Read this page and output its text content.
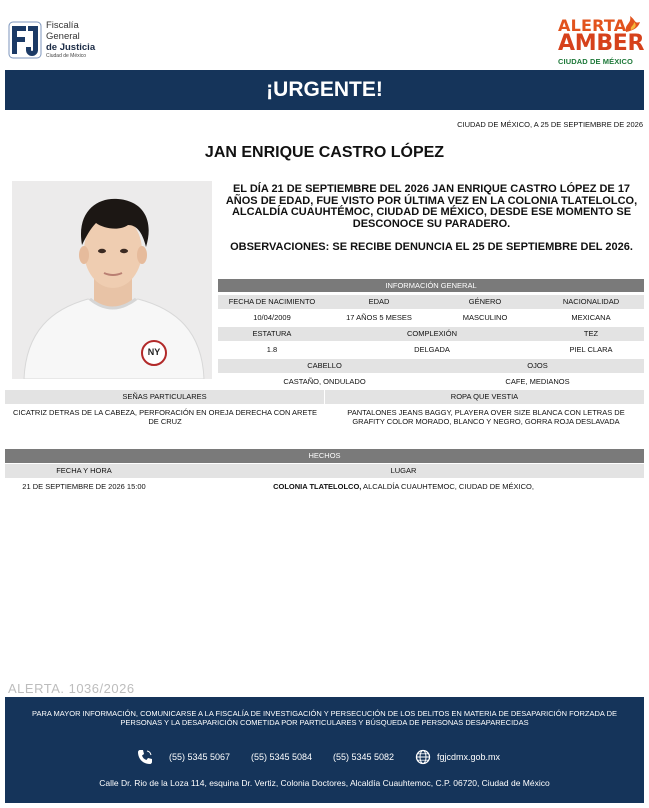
Fiscalía
General
de Justicia
Ciudad de México
ALERTA
AMBER
CIUDAD DE MÉXICO
¡URGENTE!
CIUDAD DE MÉXICO, A 25 DE SEPTIEMBRE DE 2026
JAN ENRIQUE CASTRO LÓPEZ
NY
EL DÍA 21 DE SEPTIEMBRE DEL 2026 JAN ENRIQUE CASTRO LÓPEZ DE 17 AÑOS DE EDAD, FUE VISTO POR ÚLTIMA VEZ EN LA COLONIA TLATELOLCO, ALCALDÍA CUAUHTÉMOC, CIUDAD DE MÉXICO, DESDE ESE MOMENTO SE DESCONOCE SU PARADERO.
OBSERVACIONES: SE RECIBE DENUNCIA EL 25 DE SEPTIEMBRE DEL 2026.
INFORMACIÓN GENERAL
FECHA DE NACIMIENTO	EDAD	GÉNERO	NACIONALIDAD
10/04/2009	17 AÑOS 5 MESES	MASCULINO	MEXICANA
ESTATURA	COMPLEXIÓN	TEZ
1.8	DELGADA	PIEL CLARA
CABELLO	OJOS
CASTAÑO, ONDULADO	CAFE, MEDIANOS
SEÑAS PARTICULARES	ROPA QUE VESTIA
CICATRIZ DETRAS DE LA CABEZA, PERFORACIÓN EN OREJA DERECHA CON ARETE DE CRUZ
PANTALONES JEANS BAGGY, PLAYERA OVER SIZE BLANCA CON LETRAS DE GRAFITY COLOR MORADO, BLANCO Y NEGRO, GORRA ROJA DESLAVADA
HECHOS
FECHA Y HORA	LUGAR
21 DE SEPTIEMBRE DE 2026 15:00	COLONIA TLATELOLCO, ALCALDÍA CUAUHTEMOC, CIUDAD DE MÉXICO,
ALERTA. 1036/2026
PARA MAYOR INFORMACIÓN, COMUNICARSE A LA FISCALÍA DE INVESTIGACIÓN Y PERSECUCIÓN DE LOS DELITOS EN MATERIA DE DESAPARICIÓN FORZADA DE PERSONAS Y LA DESAPARICIÓN COMETIDA POR PARTICULARES Y BÚSQUEDA DE PERSONAS DESAPARECIDAS
(55) 5345 5067 (55) 5345 5084 (55) 5345 5082	fgjcdmx.gob.mx
Calle Dr. Rio de la Loza 114, esquina Dr. Vertiz, Colonia Doctores, Alcaldía Cuauhtemoc, C.P. 06720, Ciudad de México
